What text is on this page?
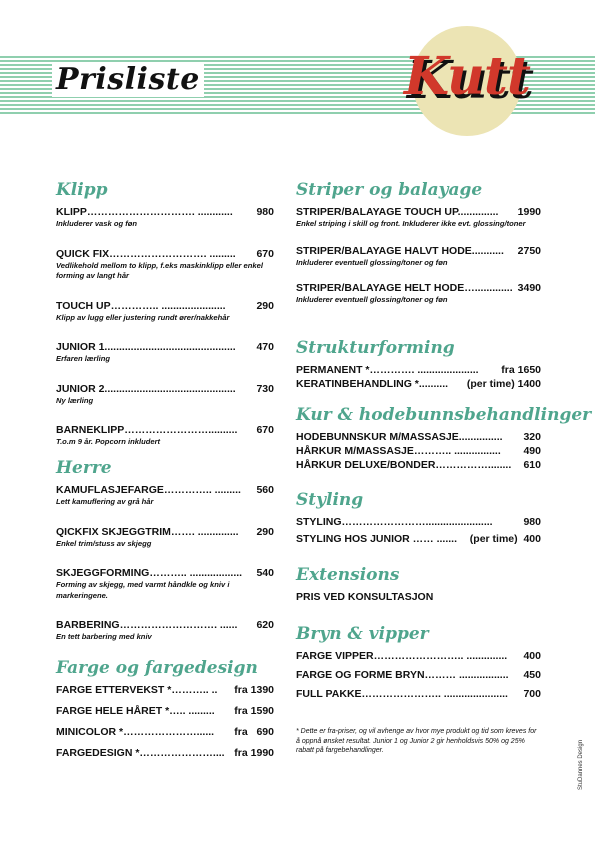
Prisliste	Kutt
Klipp
KLIPP…………………………. ............ 980
Inkluderer vask og føn
QUICK FIX………………………. ......... 670
Vedlikehold mellom to klipp, f.eks maskinklipp eller enkel forming av langt hår
TOUCH UP………….. ......................	290
Klipp av lugg eller justering rundt ører/nakkehår
JUNIOR 1............................................. 470
Erfaren lærling
JUNIOR 2............................................. 730
Ny lærling
BARNEKLIPP…………………….......... 670
T.o.m 9 år. Popcorn inkludert
Herre
KAMUFLASJEFARGE………….. ......... 560
Lett kamuflering av grå hår
QICKFIX SKJEGGTRIM……. .............. 290
Enkel trim/stuss av skjegg
SKJEGGFORMING……….. .................. 540
Forming av skjegg, med varmt håndkle og kniv i markeringene.
BARBERING………………………. ...... 620
En tett barbering med kniv
Farge og fargedesign
FARGE ETTERVEKST *……….. .. fra 1390
FARGE HELE HÅRET *….. ......... fra 1590
MINICOLOR *…………………...... fra   690
FARGEDESIGN *………………….... fra 1990
Striper og balayage
STRIPER/BALAYAGE TOUCH UP.............. 1990
Enkel striping i skill og front. Inkluderer ikke evt. glossing/toner
STRIPER/BALAYAGE HALVT HODE........... 2750
Inkluderer eventuell glossing/toner og føn
STRIPER/BALAYAGE HELT HODE…............. 3490
Inkluderer eventuell glossing/toner og føn
Strukturforming
PERMANENT *…………. ..................... fra 1650
KERATINBEHANDLING *.......... (per time) 1400
Kur & hodebunnsbehandlinger
HODEBUNNSKUR M/MASSASJE............... 320
HÅRKUR M/MASSASJE……….. ................ 490
HÅRKUR DELUXE/BONDER……………........ 610
Styling
STYLING…………………….......................	980
STYLING HOS JUNIOR …… ....... (per time)  400
Extensions
PRIS VED KONSULTASJON
Bryn & vipper
FARGE VIPPER…………………….. .............. 400
FARGE OG FORME BRYN……… ................. 450
FULL PAKKE………………….. ...................... 700
* Dette er fra-priser, og vil avhenge av hvor mye produkt og tid som kreves for å oppnå ønsket resultat. Junior 1 og Junior 2 gir henholdsvis 50% og 25% rabatt på fargebehandlinger.	StuDannes Design
